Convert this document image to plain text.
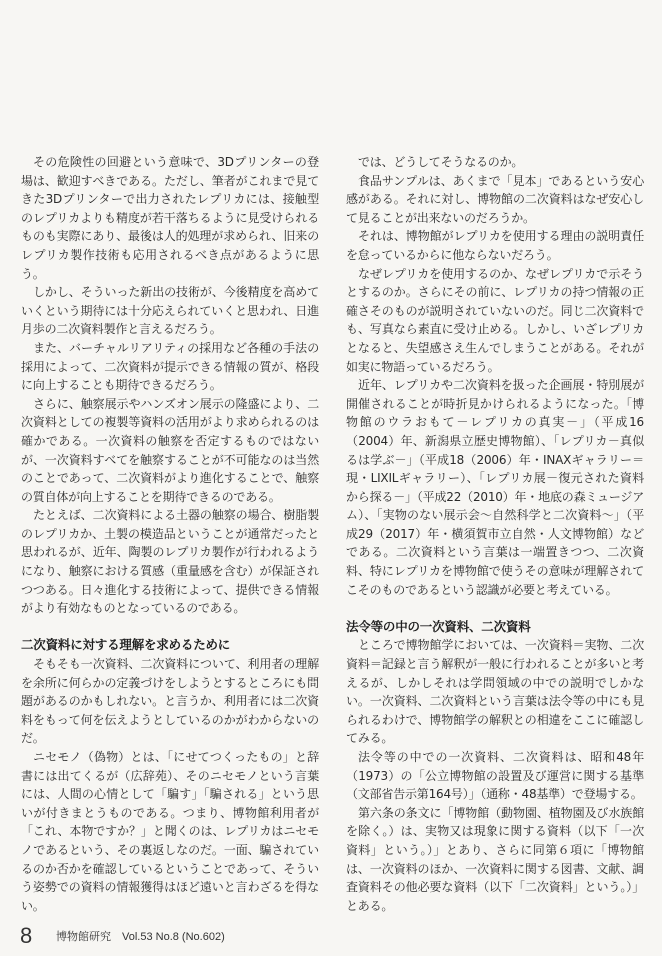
その危険性の回避という意味で、3Dプリンターの登場は、歓迎すべきである。ただし、筆者がこれまで見てきた3Dプリンターで出力されたレプリカには、接触型のレプリカよりも精度が若干落ちるように見受けられるものも実際にあり、最後は人的処理が求められ、旧来のレプリカ製作技術も応用されるべき点があるように思う。

しかし、そういった新出の技術が、今後精度を高めていくという期待には十分応えられていくと思われ、日進月歩の二次資料製作と言えるだろう。

また、バーチャルリアリティの採用など各種の手法の採用によって、二次資料が提示できる情報の質が、格段に向上することも期待できるだろう。

さらに、触察展示やハンズオン展示の隆盛により、二次資料としての複製等資料の活用がより求められるのは確かである。一次資料の触察を否定するものではないが、一次資料すべてを触察することが不可能なのは当然のことであって、二次資料がより進化することで、触察の質自体が向上することを期待できるのである。

たとえば、二次資料による土器の触察の場合、樹脂製のレプリカか、土製の模造品ということが通常だったと思われるが、近年、陶製のレプリカ製作が行われるようになり、触察における質感（重量感を含む）が保証されつつある。日々進化する技術によって、提供できる情報がより有効なものとなっているのである。

二次資料に対する理解を求めるために

そもそも一次資料、二次資料について、利用者の理解を余所に何らかの定義づけをしようとするところにも問題があるのかもしれない。と言うか、利用者には二次資料をもって何を伝えようとしているのかがわからないのだ。

ニセモノ（偽物）とは、「にせてつくったもの」と辞書には出てくるが（広辞苑）、そのニセモノという言葉には、人間の心情として「騙す」「騙される」という思いが付きまとうものである。つまり、博物館利用者が「これ、本物ですか？」と聞くのは、レプリカはニセモノであるという、その裏返しなのだ。一面、騙されているのか否かを確認しているということであって、そういう姿勢での資料の情報獲得はほど遠いと言わざるを得ない。

では、どうしてそうなるのか。

食品サンプルは、あくまで「見本」であるという安心感がある。それに対し、博物館の二次資料はなぜ安心して見ることが出来ないのだろうか。

それは、博物館がレプリカを使用する理由の説明責任を怠っているからに他ならないだろう。

なぜレプリカを使用するのか、なぜレプリカで示そうとするのか。さらにその前に、レプリカの持つ情報の正確さそのものが説明されていないのだ。同じ二次資料でも、写真なら素直に受け止める。しかし、いざレプリカとなると、失望感さえ生んでしまうことがある。それが如実に物語っているだろう。

近年、レプリカや二次資料を扱った企画展・特別展が開催されることが時折見かけられるようになった。「博物館のウラおもて－レプリカの真実－」（平成16（2004）年、新潟県立歴史博物館）、「レプリカ－真似るは学ぶ－」（平成18（2006）年・INAXギャラリー＝現・LIXILギャラリー）、「レプリカ展－復元された資料から探る－」（平成22（2010）年・地底の森ミュージアム）、「実物のない展示会～自然科学と二次資料～」（平成29（2017）年・横須賀市立自然・人文博物館）などである。二次資料という言葉は一端置きつつ、二次資料、特にレプリカを博物館で使うその意味が理解されてこそのものであるという認識が必要と考えている。

法令等の中の一次資料、二次資料

ところで博物館学においては、一次資料＝実物、二次資料＝記録と言う解釈が一般に行われることが多いと考えるが、しかしそれは学問領域の中での説明でしかない。一次資料、二次資料という言葉は法令等の中にも見られるわけで、博物館学の解釈との相違をここに確認してみる。

法令等の中での一次資料、二次資料は、昭和48年（1973）の「公立博物館の設置及び運営に関する基準（文部省告示第164号）」（通称・48基準）で登場する。

第六条の条文に「博物館（動物園、植物園及び水族館を除く。）は、実物又は現象に関する資料（以下「一次資料」という。）」とあり、さらに同第６項に「博物館は、一次資料のほか、一次資料に関する図書、文献、調査資料その他必要な資料（以下「二次資料」という。）」とある。

8 博物館研究　Vol.53 No.8 (No.602)
